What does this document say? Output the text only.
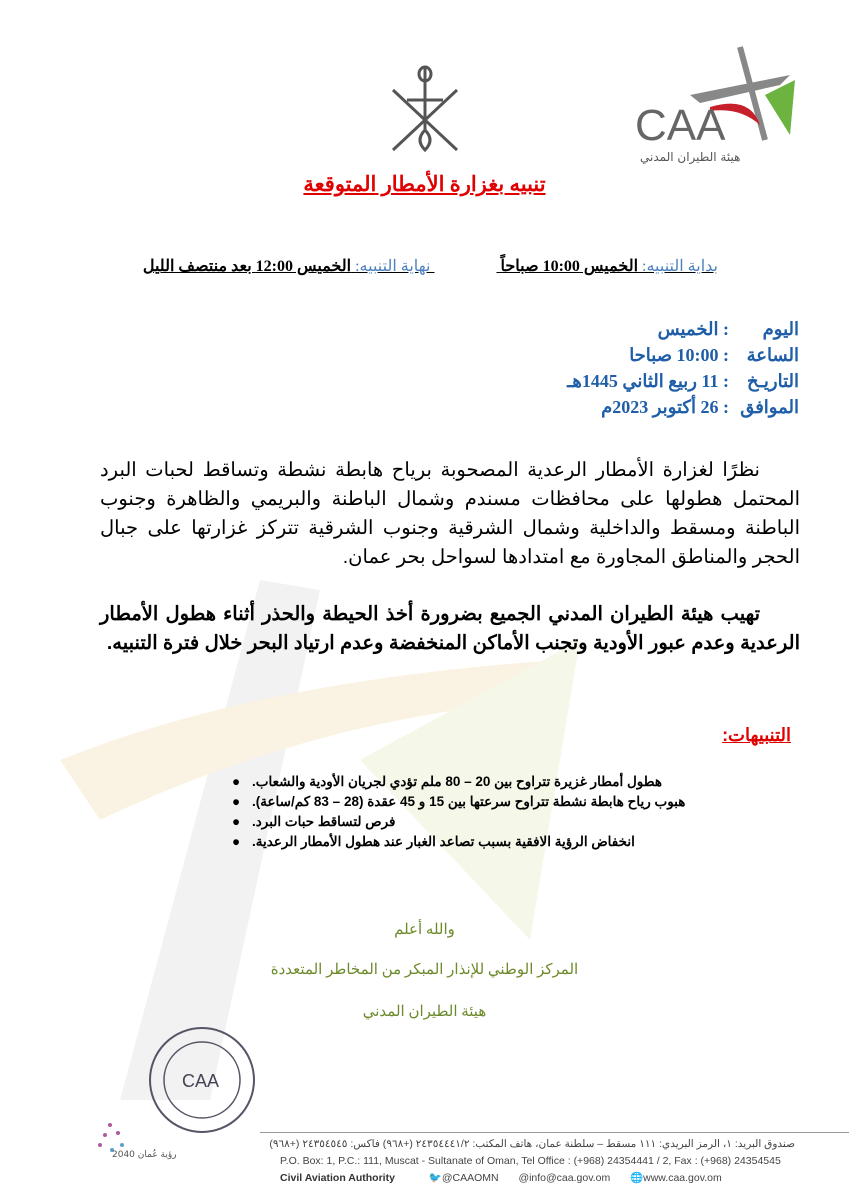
CAA
هيئة الطيران المدني
تنبيه بغزارة الأمطار المتوقعة
بداية التنبيه: الخميس 10:00 صباحاً  نهاية التنبيه: الخميس 12:00 بعد منتصف الليل
اليوم: الخميس
الساعة: 10:00 صباحا
التاريـخ: 11 ربيع الثاني 1445هـ
الموافق: 26 أكتوبر 2023م
نظرًا لغزارة الأمطار الرعدية المصحوبة برياح هابطة نشطة وتساقط لحبات البرد المحتمل هطولها على محافظات مسندم وشمال الباطنة والبريمي والظاهرة وجنوب الباطنة ومسقط والداخلية وشمال الشرقية وجنوب الشرقية تتركز غزارتها على جبال الحجر والمناطق المجاورة مع امتدادها لسواحل بحر عمان.
تهيب هيئة الطيران المدني الجميع بضرورة أخذ الحيطة والحذر أثناء هطول الأمطار الرعدية وعدم عبور الأودية وتجنب الأماكن المنخفضة وعدم ارتياد البحر خلال فترة التنبيه.
التنبيهات:
● هطول أمطار غزيرة تتراوح بين 20 – 80 ملم تؤدي لجريان الأودية والشعاب.
● هبوب رياح هابطة نشطة تتراوح سرعتها بين 15 و 45 عقدة (28 – 83 كم/ساعة).
● فرص لتساقط حبات البرد.
● انخفاض الرؤية الافقية بسبب تصاعد الغبار عند هطول الأمطار الرعدية.
والله أعلم
المركز الوطني للإنذار المبكر من المخاطر المتعددة
هيئة الطيران المدني
CAA
رؤية عُمان 2040
صندوق البريد: ١، الرمز البريدي: ١١١ مسقط – سلطنة عمان، هاتف المكتب: ٢٤٣٥٤٤٤١/٢ (+٩٦٨) فاكس: ٢٤٣٥٤٥٤٥ (+٩٦٨)
P.O. Box: 1, P.C.: 111, Muscat - Sultanate of Oman, Tel Office : (+968) 24354441 / 2, Fax : (+968) 24354545
Civil Aviation Authority	🐦@CAAOMN @info@caa.gov.om 🌐www.caa.gov.om
